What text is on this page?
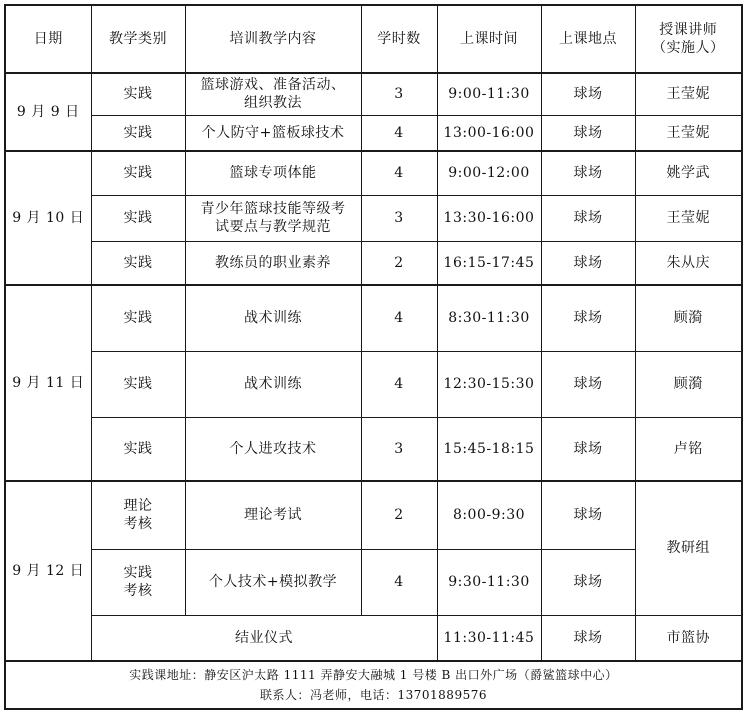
日期	教学类别	培训教学内容	学时数	上课时间	上课地点	授课讲师
（实施人）

9 月 9 日	实践	篮球游戏、准备活动、
组织教法	3	9:00-11:30	球场	王莹妮
	实践	个人防守+篮板球技术	4	13:00-16:00	球场	王莹妮
9 月 10 日	实践	篮球专项体能	4	9:00-12:00	球场	姚学武
	实践	青少年篮球技能等级考
试要点与教学规范	3	13:30-16:00	球场	王莹妮
	实践	教练员的职业素养	2	16:15-17:45	球场	朱从庆
9 月 11 日	实践	战术训练	4	8:30-11:30	球场	顾漪
	实践	战术训练	4	12:30-15:30	球场	顾漪
	实践	个人进攻技术	3	15:45-18:15	球场	卢铭
9 月 12 日	理论
考核	理论考试	2	8:00-9:30	球场	教研组

	实践
考核	个人技术+模拟教学	4	9:30-11:30	球场	
	结业仪式			11:30-11:45	球场	市篮协

实践课地址：静安区沪太路 1111 弄静安大融城 1 号楼 B 出口外广场（爵鲨篮球中心）
联系人：冯老师，电话：13701889576						
